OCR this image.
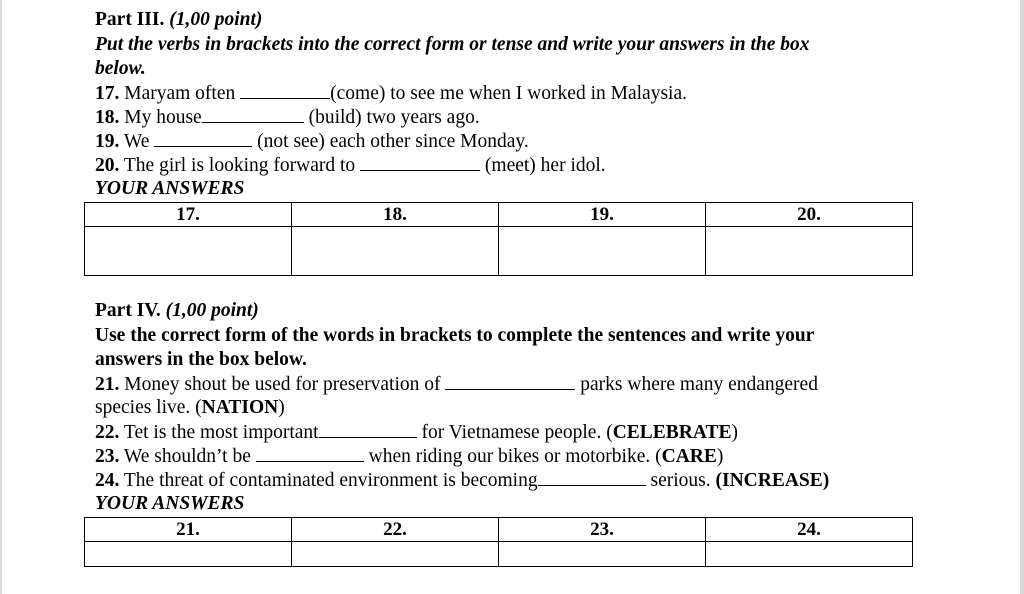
Part III. (1,00 point)
Put the verbs in brackets into the correct form or tense and write your answers in the box
below.
17. Maryam often	(come) to see me when I worked in Malaysia.
18. My house	(build) two years ago.
19. We	(not see) each other since Monday.
20. The girl is looking forward to	(meet) her idol.
YOUR ANSWERS
17.	18.	19.	20.

Part IV. (1,00 point)
Use the correct form of the words in brackets to complete the sentences and write your
answers in the box below.
21. Money shout be used for preservation of	parks where many endangered
species live. (NATION)
22. Tet is the most important	for Vietnamese people. (CELEBRATE)
23. We shouldn’t be	when riding our bikes or motorbike. (CARE)
24. The threat of contaminated environment is becoming	serious. (INCREASE)
YOUR ANSWERS
21.	22.	23.	24.
